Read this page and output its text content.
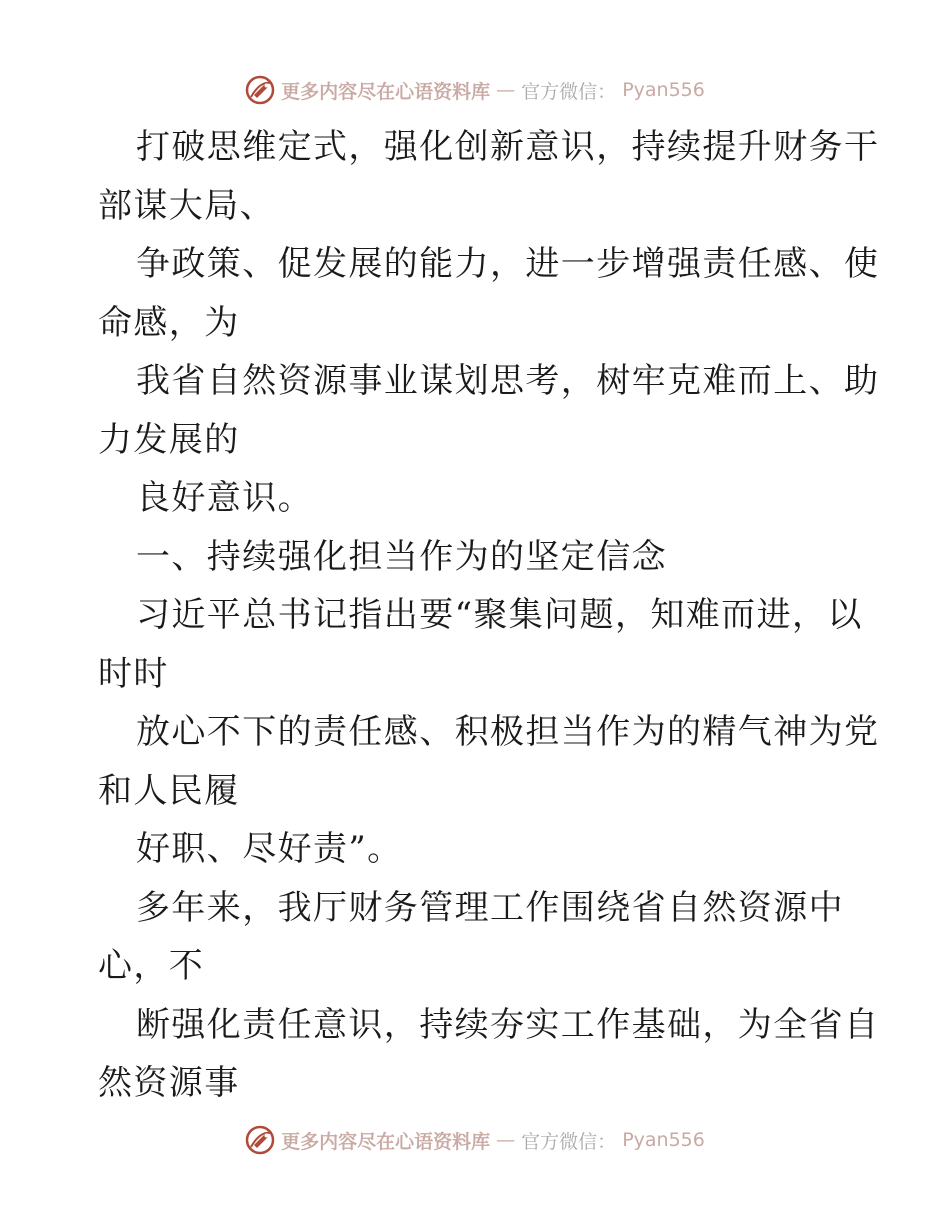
更多内容尽在心语资料库 — 官方微信： Pyan556
打破思维定式，强化创新意识，持续提升财务干
部谋大局、
争政策、促发展的能力，进一步增强责任感、使
命感，为
我省自然资源事业谋划思考，树牢克难而上、助
力发展的
良好意识。
一、持续强化担当作为的坚定信念
习近平总书记指出要“聚集问题，知难而进，以
时时
放心不下的责任感、积极担当作为的精气神为党
和人民履
好职、尽好责”。
多年来，我厅财务管理工作围绕省自然资源中
心，不
断强化责任意识，持续夯实工作基础，为全省自
然资源事
更多内容尽在心语资料库 — 官方微信： Pyan556
